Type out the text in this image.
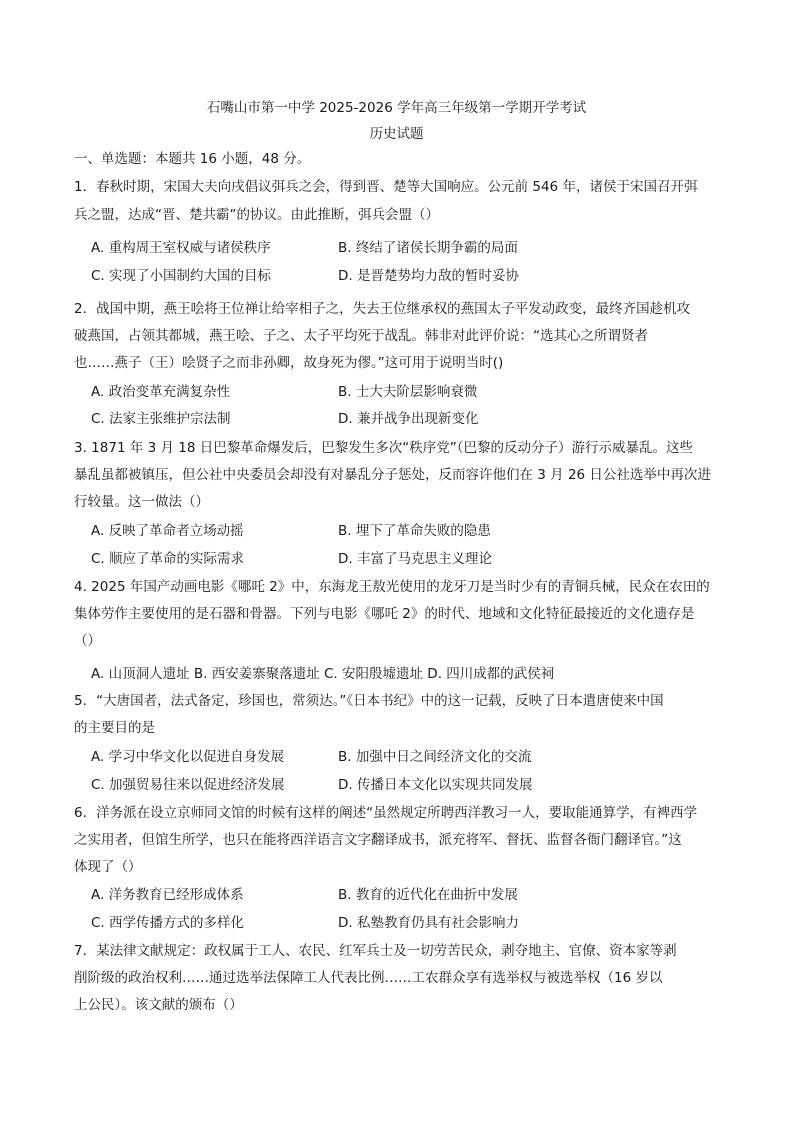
石嘴山市第一中学 2025-2026 学年高三年级第一学期开学考试
历史试题
一、单选题：本题共 16 小题，48 分。
1．春秋时期，宋国大夫向戌倡议弭兵之会，得到晋、楚等大国响应。公元前 546 年，诸侯于宋国召开弭
兵之盟，达成“晋、楚共霸”的协议。由此推断，弭兵会盟（）
A. 重构周王室权威与诸侯秩序	B. 终结了诸侯长期争霸的局面
C. 实现了小国制约大国的目标	D. 是晋楚势均力敌的暂时妥协
2．战国中期，燕王哙将王位禅让给宰相子之，失去王位继承权的燕国太子平发动政变，最终齐国趁机攻
破燕国，占领其都城，燕王哙、子之、太子平均死于战乱。韩非对此评价说：“选其心之所谓贤者
也……燕子（王）哙贤子之而非孙卿，故身死为僇。”这可用于说明当时()
A. 政治变革充满复杂性	B. 士大夫阶层影响衰微
C. 法家主张维护宗法制	D. 兼并战争出现新变化
3. 1871 年 3 月 18 日巴黎革命爆发后，巴黎发生多次“秩序党”（巴黎的反动分子）游行示威暴乱。这些
暴乱虽都被镇压，但公社中央委员会却没有对暴乱分子惩处，反而容许他们在 3 月 26 日公社选举中再次进
行较量。这一做法（）
A. 反映了革命者立场动摇	B. 埋下了革命失败的隐患
C. 顺应了革命的实际需求	D. 丰富了马克思主义理论
4. 2025 年国产动画电影《哪吒 2》中，东海龙王敖光使用的龙牙刀是当时少有的青铜兵械，民众在农田的
集体劳作主要使用的是石器和骨器。下列与电影《哪吒 2》的时代、地域和文化特征最接近的文化遗存是
（）
A. 山顶洞人遗址 B. 西安姜寨聚落遗址 C. 安阳殷墟遗址 D. 四川成都的武侯祠
5．“大唐国者，法式备定，珍国也，常须达。”《日本书纪》中的这一记载，反映了日本遣唐使来中国
的主要目的是
A. 学习中华文化以促进自身发展	B. 加强中日之间经济文化的交流
C. 加强贸易往来以促进经济发展	D. 传播日本文化以实现共同发展
6．洋务派在设立京师同文馆的时候有这样的阐述“虽然规定所聘西洋教习一人，要取能通算学，有裨西学
之实用者，但馆生所学，也只在能将西洋语言文字翻译成书，派充将军、督抚、监督各衙门翻译官。”这
体现了（）
A. 洋务教育已经形成体系	B. 教育的近代化在曲折中发展
C. 西学传播方式的多样化	D. 私塾教育仍具有社会影响力
7．某法律文献规定：政权属于工人、农民、红军兵士及一切劳苦民众，剥夺地主、官僚、资本家等剥
削阶级的政治权利……通过选举法保障工人代表比例……工农群众享有选举权与被选举权（16 岁以
上公民）。该文献的颁布（）
